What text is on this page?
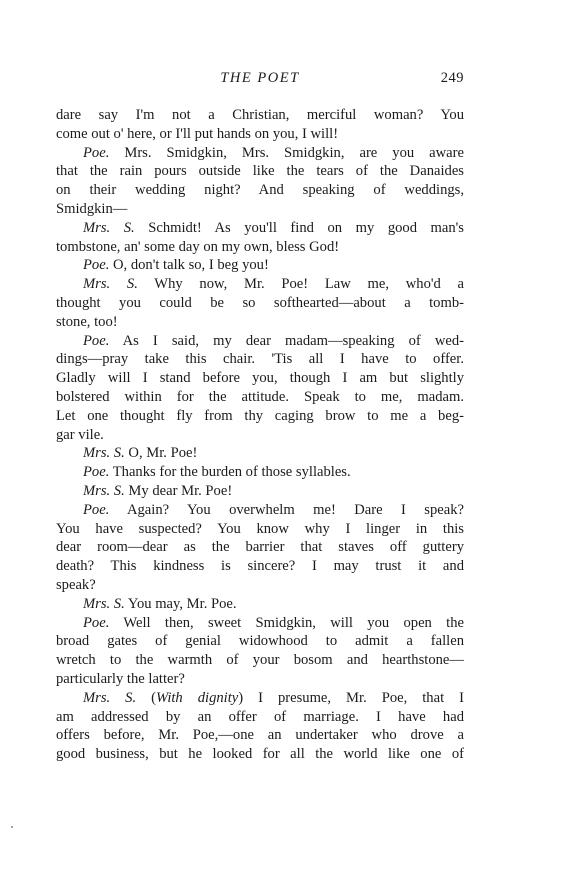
THE POET	249
dare say I'm not a Christian, merciful woman? You
come out o' here, or I'll put hands on you, I will!
Poe. Mrs. Smidgkin, Mrs. Smidgkin, are you aware
that the rain pours outside like the tears of the Danaides
on their wedding night? And speaking of weddings,
Smidgkin—
Mrs. S. Schmidt! As you'll find on my good man's
tombstone, an' some day on my own, bless God!
Poe. O, don't talk so, I beg you!
Mrs. S. Why now, Mr. Poe! Law me, who'd a
thought you could be so softhearted—about a tomb-
stone, too!
Poe. As I said, my dear madam—speaking of wed-
dings—pray take this chair. 'Tis all I have to offer.
Gladly will I stand before you, though I am but slightly
bolstered within for the attitude. Speak to me, madam.
Let one thought fly from thy caging brow to me a beg-
gar vile.
Mrs. S. O, Mr. Poe!
Poe. Thanks for the burden of those syllables.
Mrs. S. My dear Mr. Poe!
Poe. Again? You overwhelm me! Dare I speak?
You have suspected? You know why I linger in this
dear room—dear as the barrier that staves off guttery
death? This kindness is sincere? I may trust it and
speak?
Mrs. S. You may, Mr. Poe.
Poe. Well then, sweet Smidgkin, will you open the
broad gates of genial widowhood to admit a fallen
wretch to the warmth of your bosom and hearthstone—
particularly the latter?
Mrs. S. (With dignity) I presume, Mr. Poe, that I
am addressed by an offer of marriage. I have had
offers before, Mr. Poe,—one an undertaker who drove a
good business, but he looked for all the world like one of
